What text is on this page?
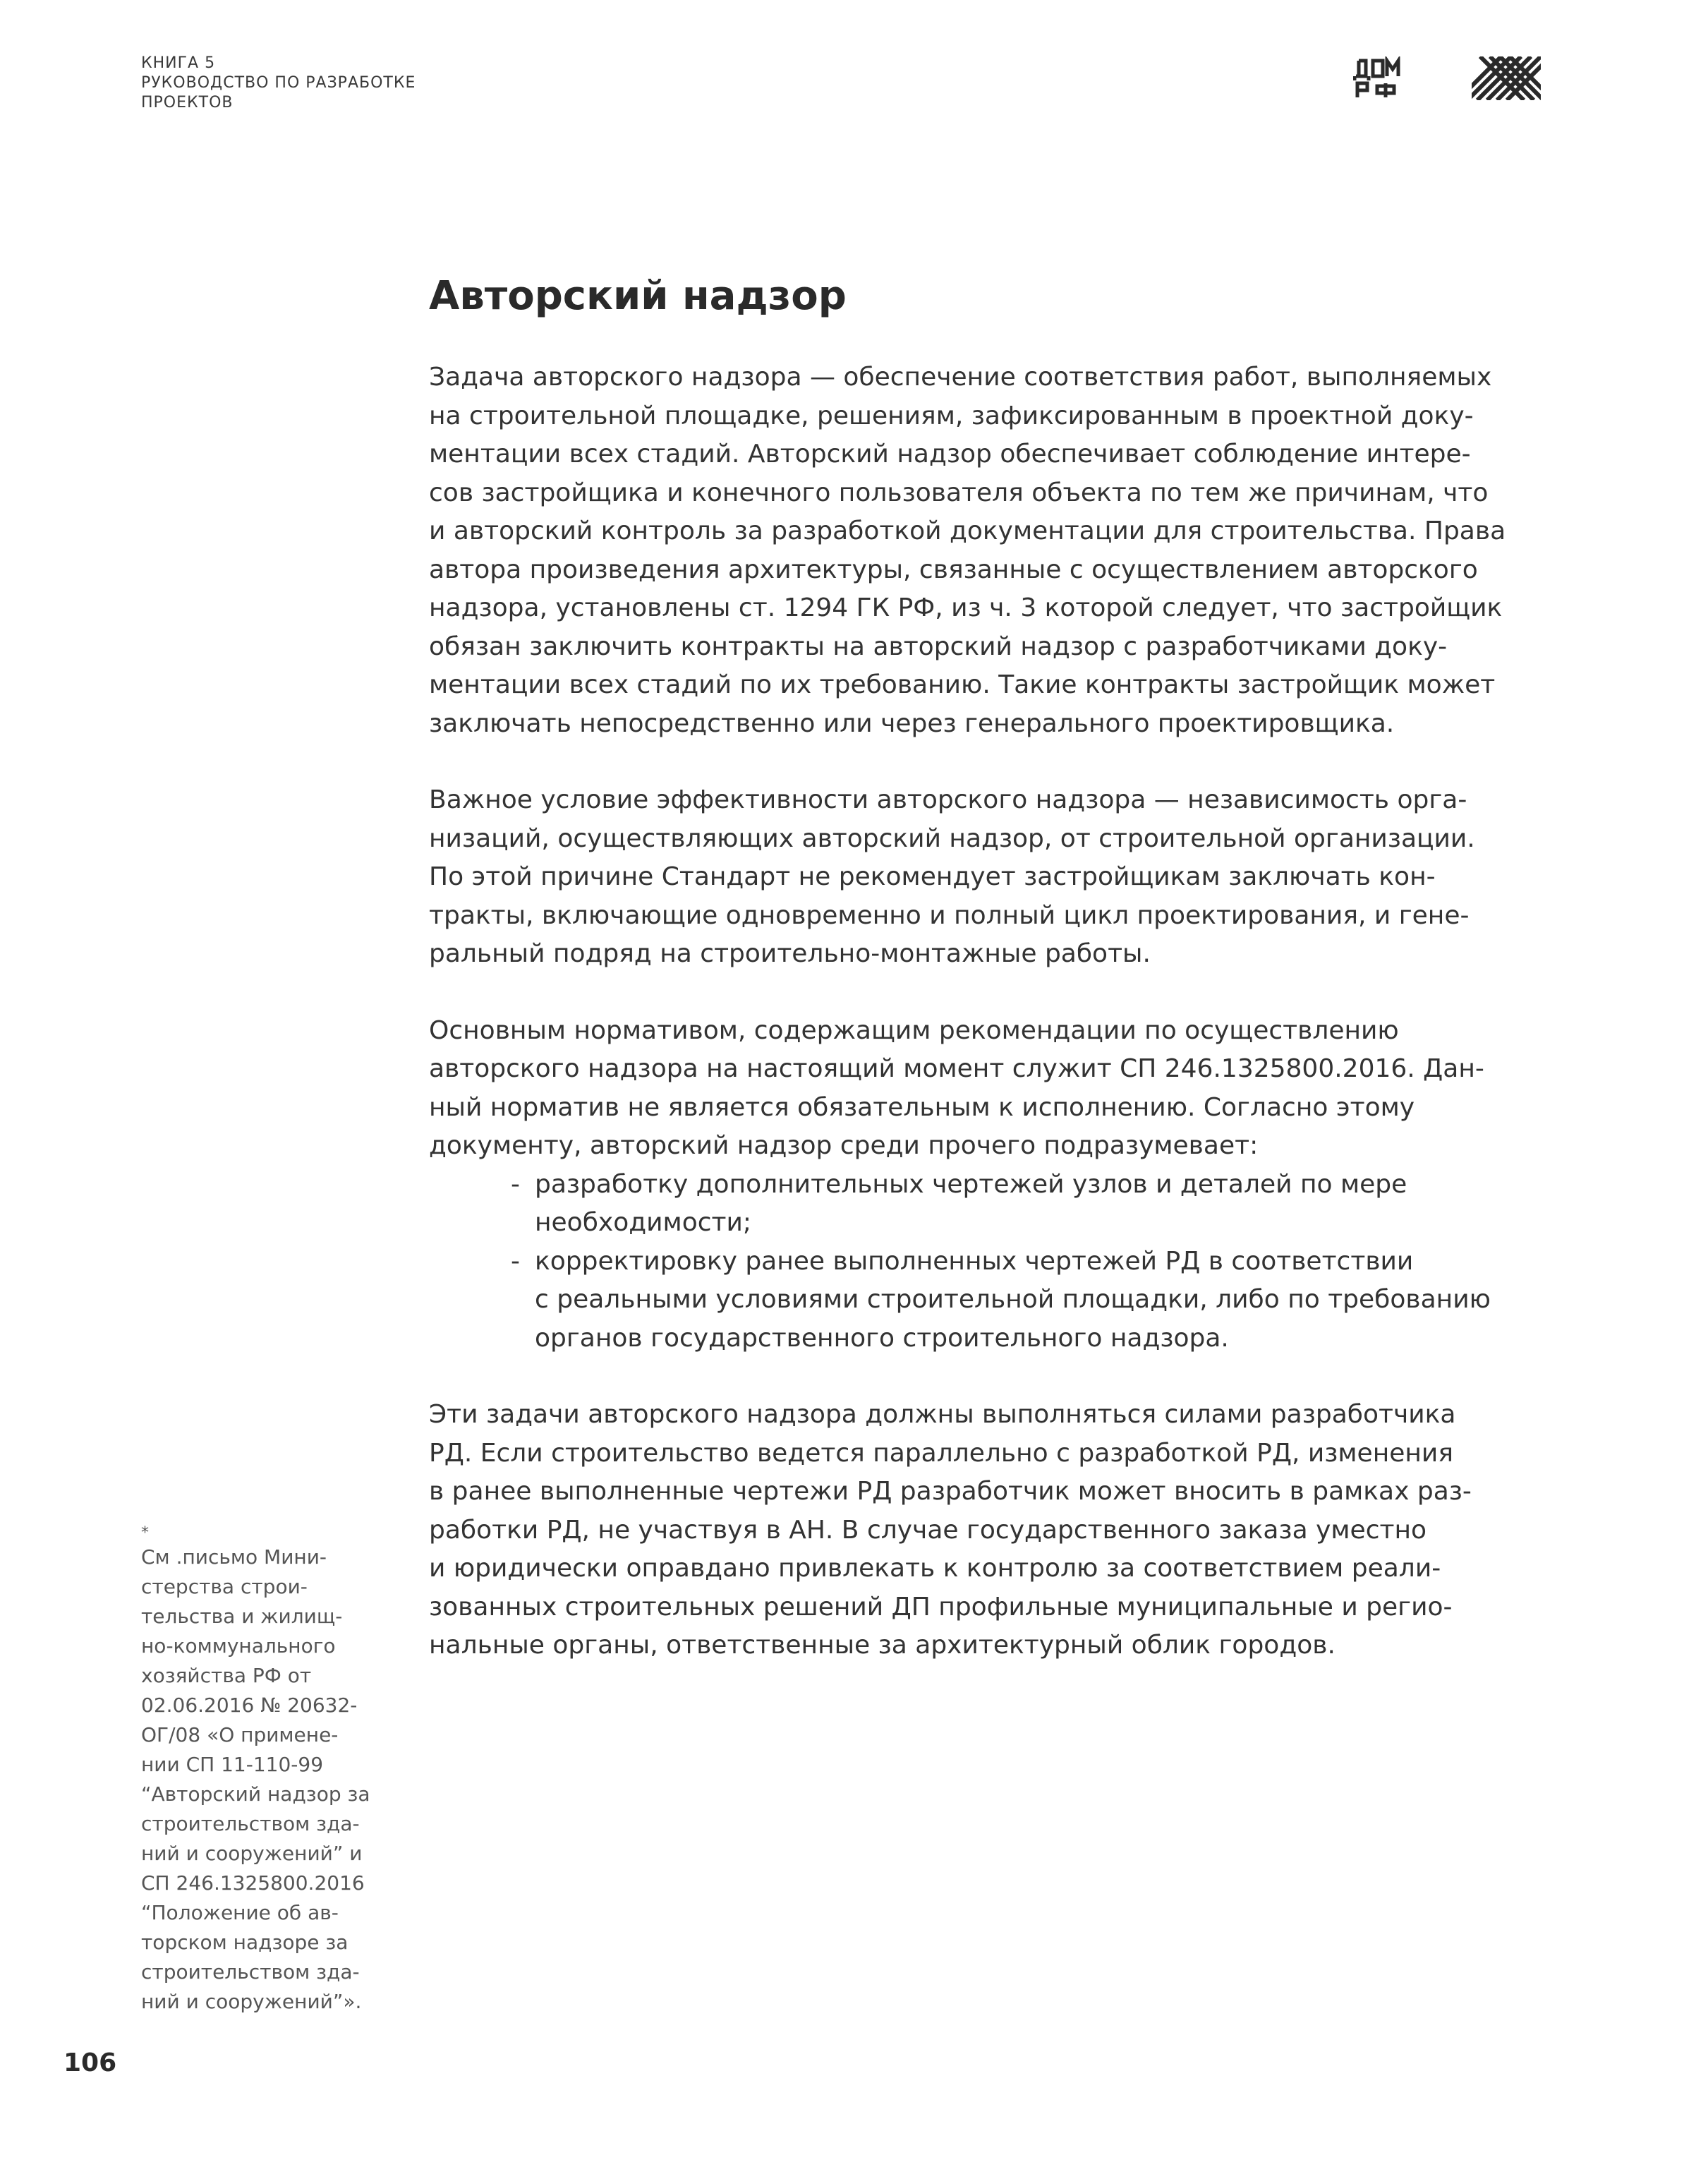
КНИГА 5
РУКОВОДСТВО ПО РАЗРАБОТКЕ
ПРОЕКТОВ
Авторский надзор

Задача авторского надзора — обеспечение соответствия работ, выполняемых
на строительной площадке, решениям, зафиксированным в проектной доку-
ментации всех стадий. Авторский надзор обеспечивает соблюдение интере-
сов застройщика и конечного пользователя объекта по тем же причинам, что
и авторский контроль за разработкой документации для строительства. Права
автора произведения архитектуры, связанные с осуществлением авторского
надзора, установлены ст. 1294 ГК РФ, из ч. 3 которой следует, что застройщик
обязан заключить контракты на авторский надзор с разработчиками доку-
ментации всех стадий по их требованию. Такие контракты застройщик может
заключать непосредственно или через генерального проектировщика.

Важное условие эффективности авторского надзора — независимость орга-
низаций, осуществляющих авторский надзор, от строительной организации.
По этой причине Стандарт не рекомендует застройщикам заключать кон-
тракты, включающие одновременно и полный цикл проектирования, и гене-
ральный подряд на строительно-монтажные работы.

Основным нормативом, содержащим рекомендации по осуществлению
авторского надзора на настоящий момент служит СП 246.1325800.2016. Дан-
ный норматив не является обязательным к исполнению. Согласно этому
документу, авторский надзор среди прочего подразумевает:

- разработку дополнительных чертежей узлов и деталей по мере
необходимости;
- корректировку ранее выполненных чертежей РД в соответствии
с реальными условиями строительной площадки, либо по требованию
органов государственного строительного надзора.

Эти задачи авторского надзора должны выполняться силами разработчика
РД. Если строительство ведется параллельно с разработкой РД, изменения
в ранее выполненные чертежи РД разработчик может вносить в рамках раз-
работки РД, не участвуя в АН. В случае государственного заказа уместно
и юридически оправдано привлекать к контролю за соответствием реали-
зованных строительных решений ДП профильные муниципальные и регио-
нальные органы, ответственные за архитектурный облик городов.

*
См .письмо Мини-
стерства строи-
тельства и жилищ-
но-коммунального
хозяйства РФ от
02.06.2016 № 20632-
ОГ/08 «О примене-
нии СП 11-110-99
“Авторский надзор за
строительством зда-
ний и сооружений” и
СП 246.1325800.2016
“Положение об ав-
торском надзоре за
строительством зда-
ний и сооружений”».
106
